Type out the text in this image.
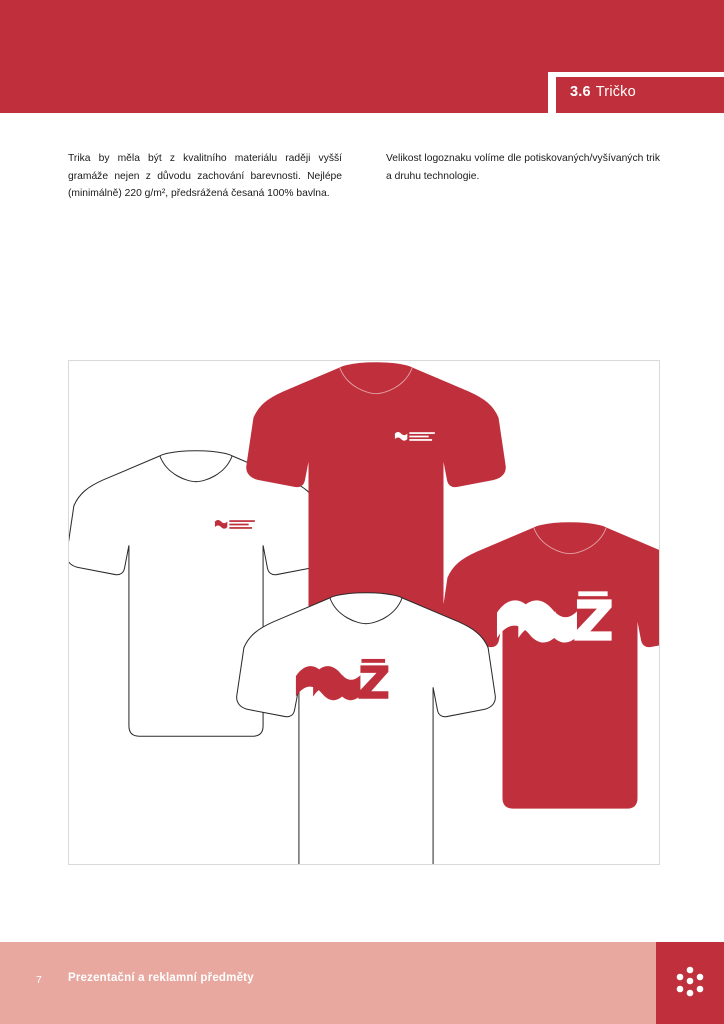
3.6 Tričko
Trika by měla být z kvalitního materiálu raději vyšší gramáže nejen z důvodu zachování barevnosti. Nejlépe (minimálně) 220 g/m², předsrážená česaná 100% bavlna.
Velikost logoznaku volíme dle potiskovaných/vyšívaných trik a druhu technologie.
7 Prezentační a reklamní předměty
